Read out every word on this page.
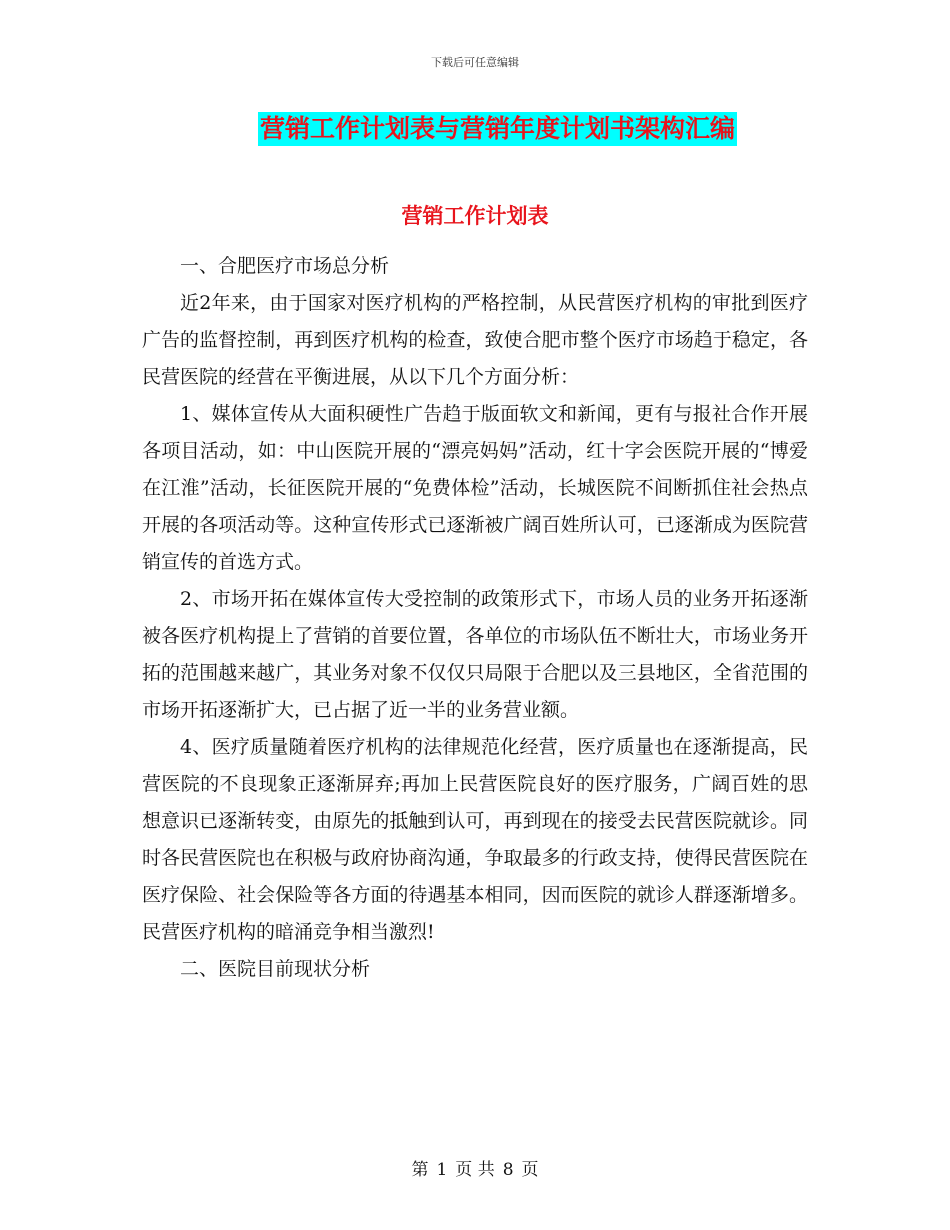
下载后可任意编辑
营销工作计划表与营销年度计划书架构汇编
营销工作计划表

一、合肥医疗市场总分析

近2年来，由于国家对医疗机构的严格控制，从民营医疗机构的审批到医疗广告的监督控制，再到医疗机构的检查，致使合肥市整个医疗市场趋于稳定，各民营医院的经营在平衡进展，从以下几个方面分析：

1、媒体宣传从大面积硬性广告趋于版面软文和新闻，更有与报社合作开展各项目活动，如：中山医院开展的“漂亮妈妈”活动，红十字会医院开展的“博爱在江淮”活动，长征医院开展的“免费体检”活动，长城医院不间断抓住社会热点开展的各项活动等。这种宣传形式已逐渐被广阔百姓所认可，已逐渐成为医院营销宣传的首选方式。

2、市场开拓在媒体宣传大受控制的政策形式下，市场人员的业务开拓逐渐被各医疗机构提上了营销的首要位置，各单位的市场队伍不断壮大，市场业务开拓的范围越来越广，其业务对象不仅仅只局限于合肥以及三县地区，全省范围的市场开拓逐渐扩大，已占据了近一半的业务营业额。

4、医疗质量随着医疗机构的法律规范化经营，医疗质量也在逐渐提高，民营医院的不良现象正逐渐屏弃;再加上民营医院良好的医疗服务，广阔百姓的思想意识已逐渐转变，由原先的抵触到认可，再到现在的接受去民营医院就诊。同时各民营医院也在积极与政府协商沟通，争取最多的行政支持，使得民营医院在医疗保险、社会保险等各方面的待遇基本相同，因而医院的就诊人群逐渐增多。民营医疗机构的暗涌竞争相当激烈!

二、医院目前现状分析

第 1 页 共 8 页
